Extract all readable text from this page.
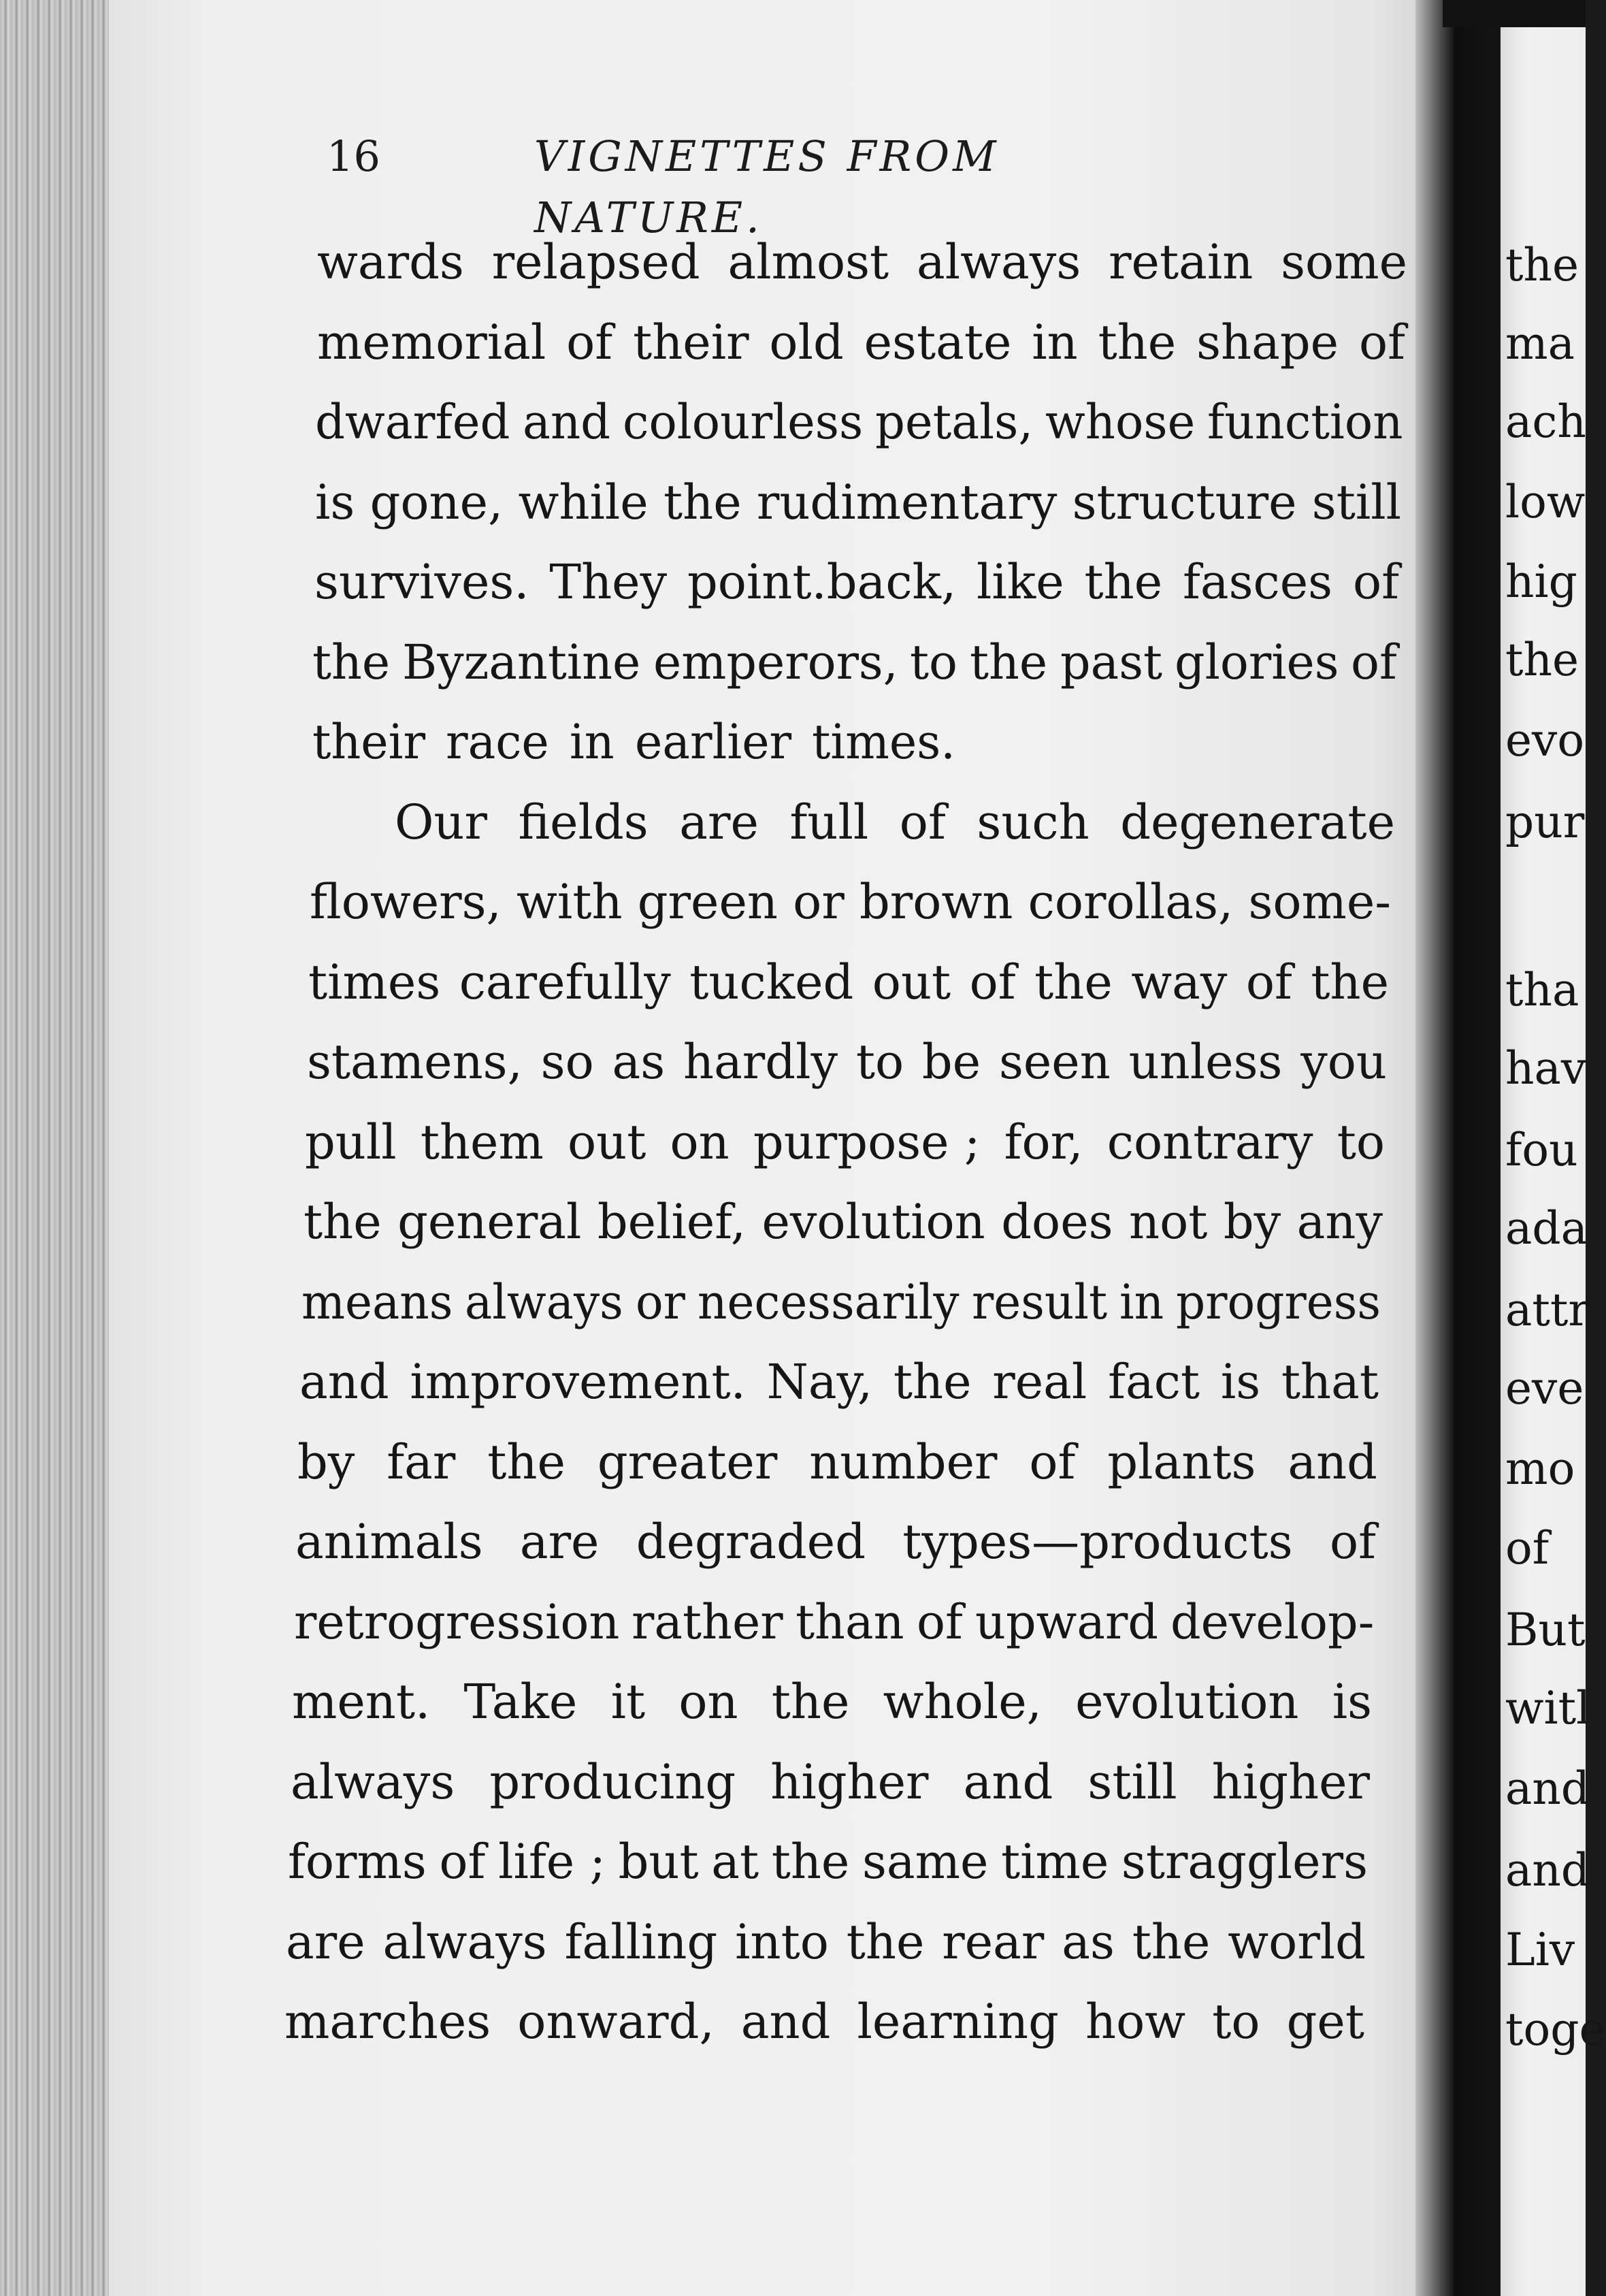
16	VIGNETTES FROM NATURE.
wards relapsed almost always retain some
memorial of their old estate in the shape of
dwarfed and colourless petals, whose function
is gone, while the rudimentary structure still
survives. They point.back, like the fasces of
the Byzantine emperors, to the past glories of
their race in earlier times.
Our fields are full of such degenerate
flowers, with green or brown corollas, some-
times carefully tucked out of the way of the
stamens, so as hardly to be seen unless you
pull them out on purpose ; for, contrary to
the general belief, evolution does not by any
means always or necessarily result in progress
and improvement. Nay, the real fact is that
by far the greater number of plants and
animals are degraded types—products of
retrogression rather than of upward develop-
ment. Take it on the whole, evolution is
always producing higher and still higher
forms of life ; but at the same time stragglers
are always falling into the rear as the world
marches onward, and learning how to get
the
ma
ach
low
hig
the
evo
pur
tha
hav
fou
ada
attr
eve
mo
of
But
witl
and
and
Liv
toge
